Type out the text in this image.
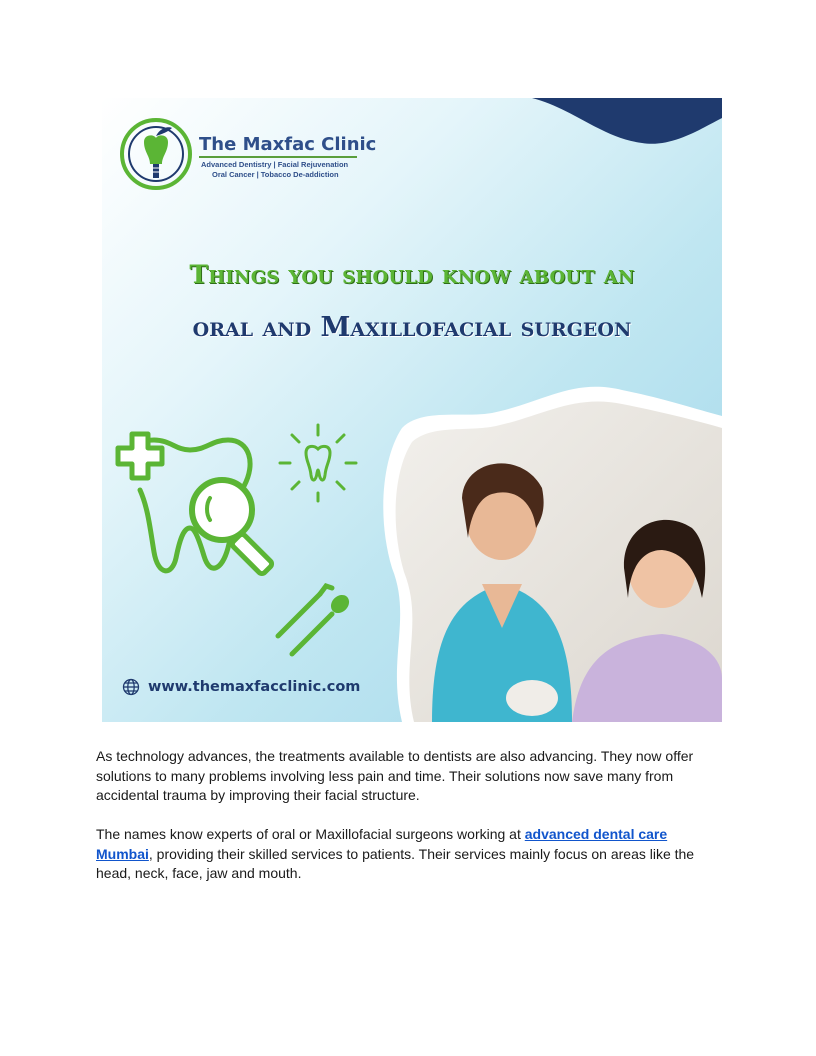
The Maxfac Clinic
Advanced Dentistry | Facial Rejuvenation
Oral Cancer | Tobacco De-addiction
Things you should know about an
oral and Maxillofacial surgeon
www.themaxfacclinic.com
As technology advances, the treatments available to dentists are also advancing. They now offer solutions to many problems involving less pain and time. Their solutions now save many from accidental trauma by improving their facial structure.
The names know experts of oral or Maxillofacial surgeons working at advanced dental care Mumbai, providing their skilled services to patients. Their services mainly focus on areas like the head, neck, face, jaw and mouth.
